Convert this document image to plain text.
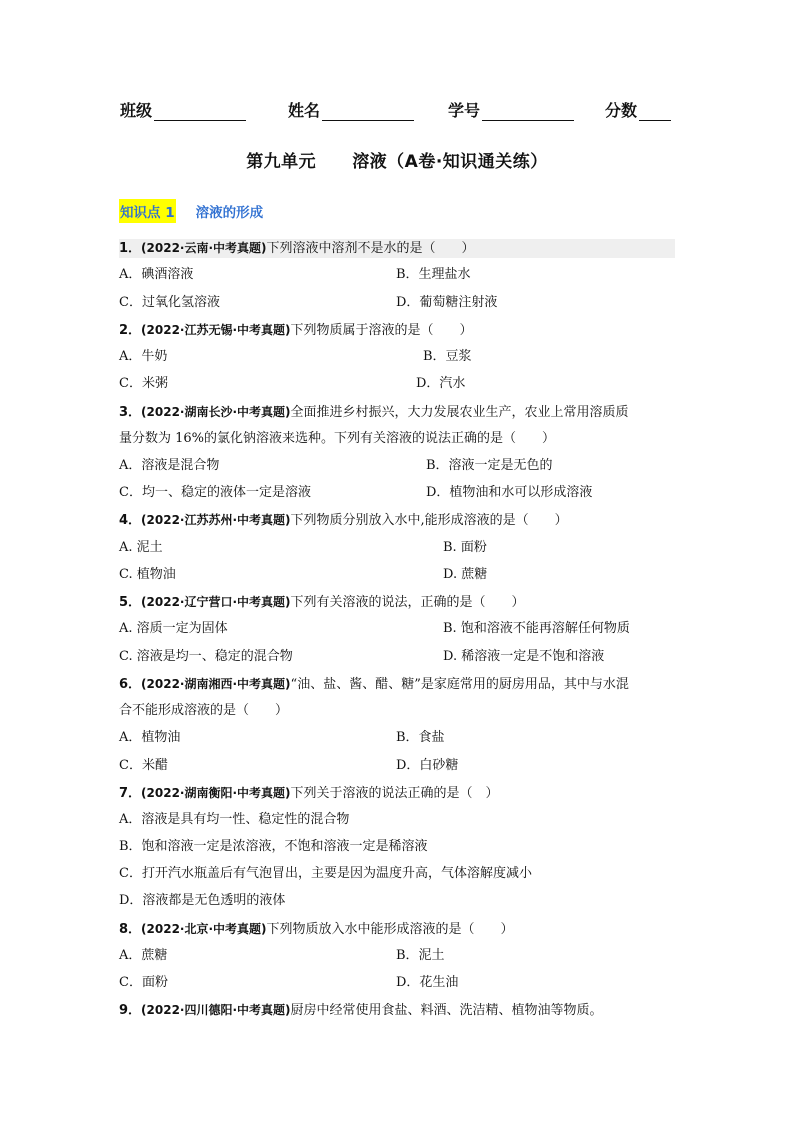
班级	姓名	学号	分数
第九单元 溶液（A卷·知识通关练）
知识点 1 溶液的形成
1．(2022·云南·中考真题)下列溶液中溶剂不是水的是（　　）
A．碘酒溶液	B．生理盐水
C．过氧化氢溶液	D．葡萄糖注射液
2．(2022·江苏无锡·中考真题)下列物质属于溶液的是（　　）
A．牛奶	B．豆浆
C．米粥	D．汽水
3．(2022·湖南长沙·中考真题)全面推进乡村振兴，大力发展农业生产，农业上常用溶质质
量分数为 16%的氯化钠溶液来选种。下列有关溶液的说法正确的是（　　）
A．溶液是混合物	B．溶液一定是无色的
C．均一、稳定的液体一定是溶液	D．植物油和水可以形成溶液
4．(2022·江苏苏州·中考真题)下列物质分别放入水中,能形成溶液的是（　　）
A. 泥土	B. 面粉
C. 植物油	D. 蔗糖
5．(2022·辽宁营口·中考真题)下列有关溶液的说法，正确的是（　　）
A. 溶质一定为固体	B. 饱和溶液不能再溶解任何物质
C. 溶液是均一、稳定的混合物	D. 稀溶液一定是不饱和溶液
6．(2022·湖南湘西·中考真题)“油、盐、酱、醋、糖”是家庭常用的厨房用品，其中与水混
合不能形成溶液的是（　　）
A．植物油	B．食盐
C．米醋	D．白砂糖
7．(2022·湖南衡阳·中考真题)下列关于溶液的说法正确的是（　）
A．溶液是具有均一性、稳定性的混合物
B．饱和溶液一定是浓溶液，不饱和溶液一定是稀溶液
C．打开汽水瓶盖后有气泡冒出，主要是因为温度升高，气体溶解度减小
D．溶液都是无色透明的液体
8．(2022·北京·中考真题)下列物质放入水中能形成溶液的是（　　）
A．蔗糖	B．泥土
C．面粉	D．花生油
9．(2022·四川德阳·中考真题)厨房中经常使用食盐、料酒、洗洁精、植物油等物质。
